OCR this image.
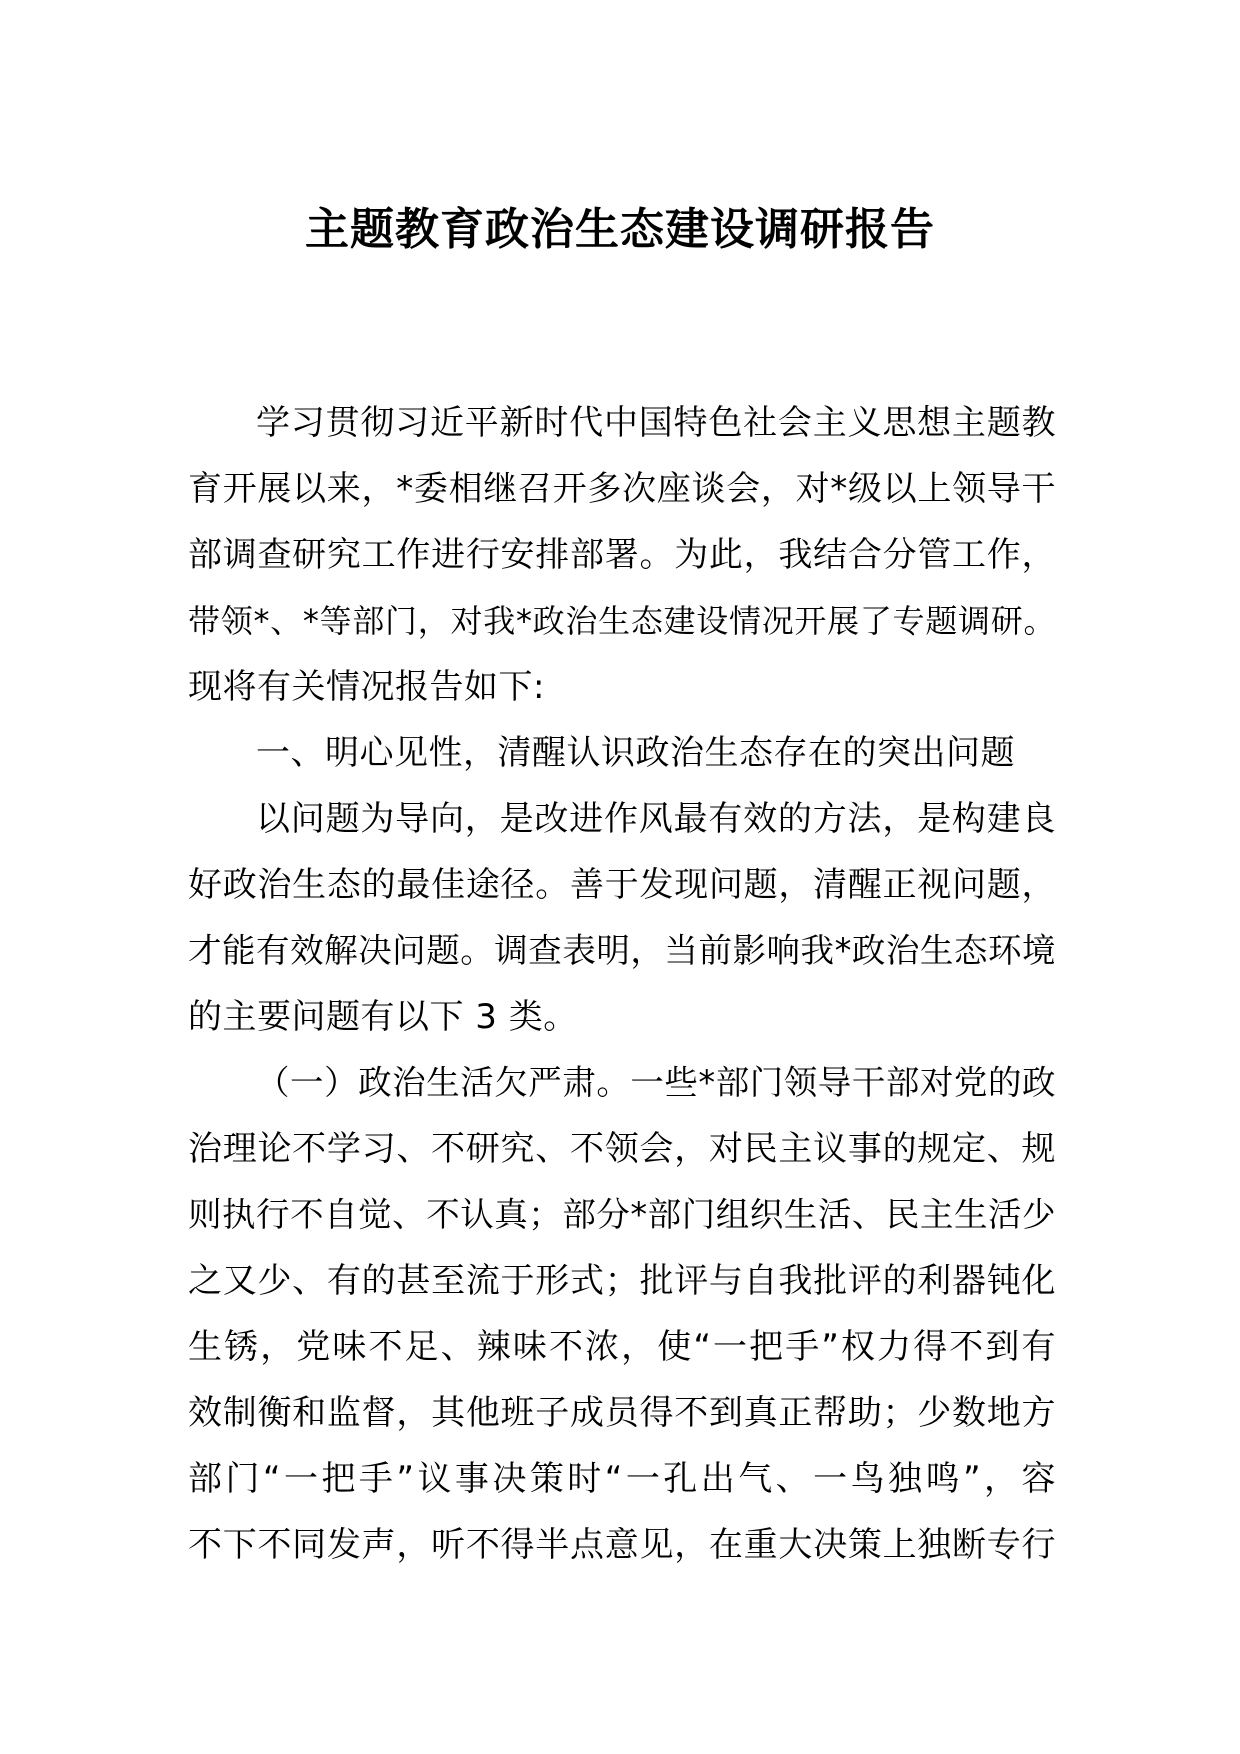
主题教育政治生态建设调研报告
学习贯彻习近平新时代中国特色社会主义思想主题教
育开展以来，*委相继召开多次座谈会，对*级以上领导干
部调查研究工作进行安排部署。为此，我结合分管工作，
带领*、*等部门，对我*政治生态建设情况开展了专题调研。
现将有关情况报告如下:
一、明心见性，清醒认识政治生态存在的突出问题
以问题为导向，是改进作风最有效的方法，是构建良
好政治生态的最佳途径。善于发现问题，清醒正视问题，
才能有效解决问题。调查表明，当前影响我*政治生态环境
的主要问题有以下 3 类。
（一）政治生活欠严肃。一些*部门领导干部对党的政
治理论不学习、不研究、不领会，对民主议事的规定、规
则执行不自觉、不认真；部分*部门组织生活、民主生活少
之又少、有的甚至流于形式；批评与自我批评的利器钝化
生锈，党味不足、辣味不浓，使“一把手”权力得不到有
效制衡和监督，其他班子成员得不到真正帮助；少数地方
部门“一把手”议事决策时“一孔出气、一鸟独鸣”，容
不下不同发声，听不得半点意见，在重大决策上独断专行
